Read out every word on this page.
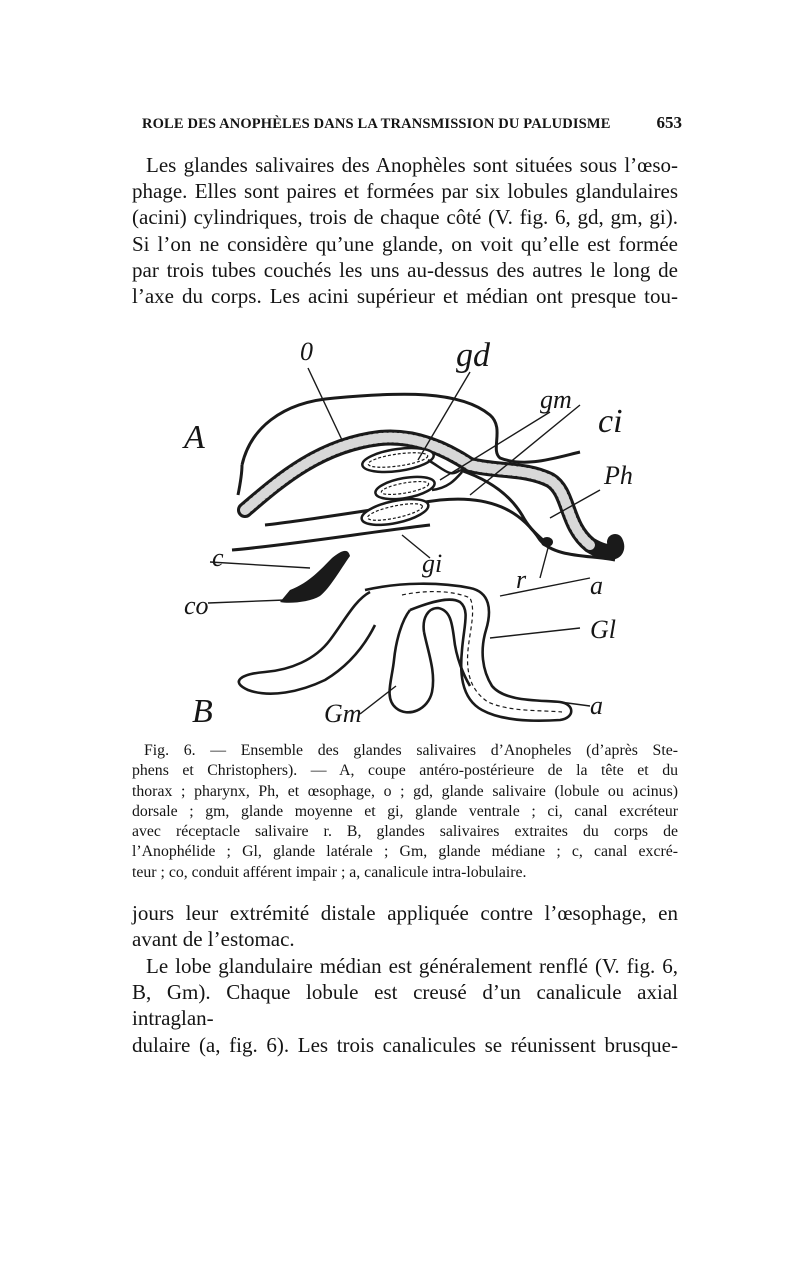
ROLE DES ANOPHÈLES DANS LA TRANSMISSION DU PALUDISME	653
Les glandes salivaires des Anophèles sont situées sous l’œso-
phage. Elles sont paires et formées par six lobules glandulaires
(acini) cylindriques, trois de chaque côté (V. fig. 6, gd, gm, gi).
Si l’on ne considère qu’une glande, on voit qu’elle est formée
par trois tubes couchés les uns au-dessus des autres le long de
l’axe du corps. Les acini supérieur et médian ont presque tou-
A
0	gd
gm
ci
Ph
gi
c
co
r a
Gl
B	a
Gm
Fig. 6. — Ensemble des glandes salivaires d’Anopheles (d’après Ste-
phens et Christophers). — A, coupe antéro-postérieure de la tête et du
thorax ; pharynx, Ph, et œsophage, o ; gd, glande salivaire (lobule ou acinus)
dorsale ; gm, glande moyenne et gi, glande ventrale ; ci, canal excréteur
avec réceptacle salivaire r. B, glandes salivaires extraites du corps de
l’Anophélide ; Gl, glande latérale ; Gm, glande médiane ; c, canal excré-
teur ; co, conduit afférent impair ; a, canalicule intra-lobulaire.
jours leur extrémité distale appliquée contre l’œsophage, en
avant de l’estomac.
Le lobe glandulaire médian est généralement renflé (V. fig. 6,
B, Gm). Chaque lobule est creusé d’un canalicule axial intraglan-
dulaire (a, fig. 6). Les trois canalicules se réunissent brusque-
